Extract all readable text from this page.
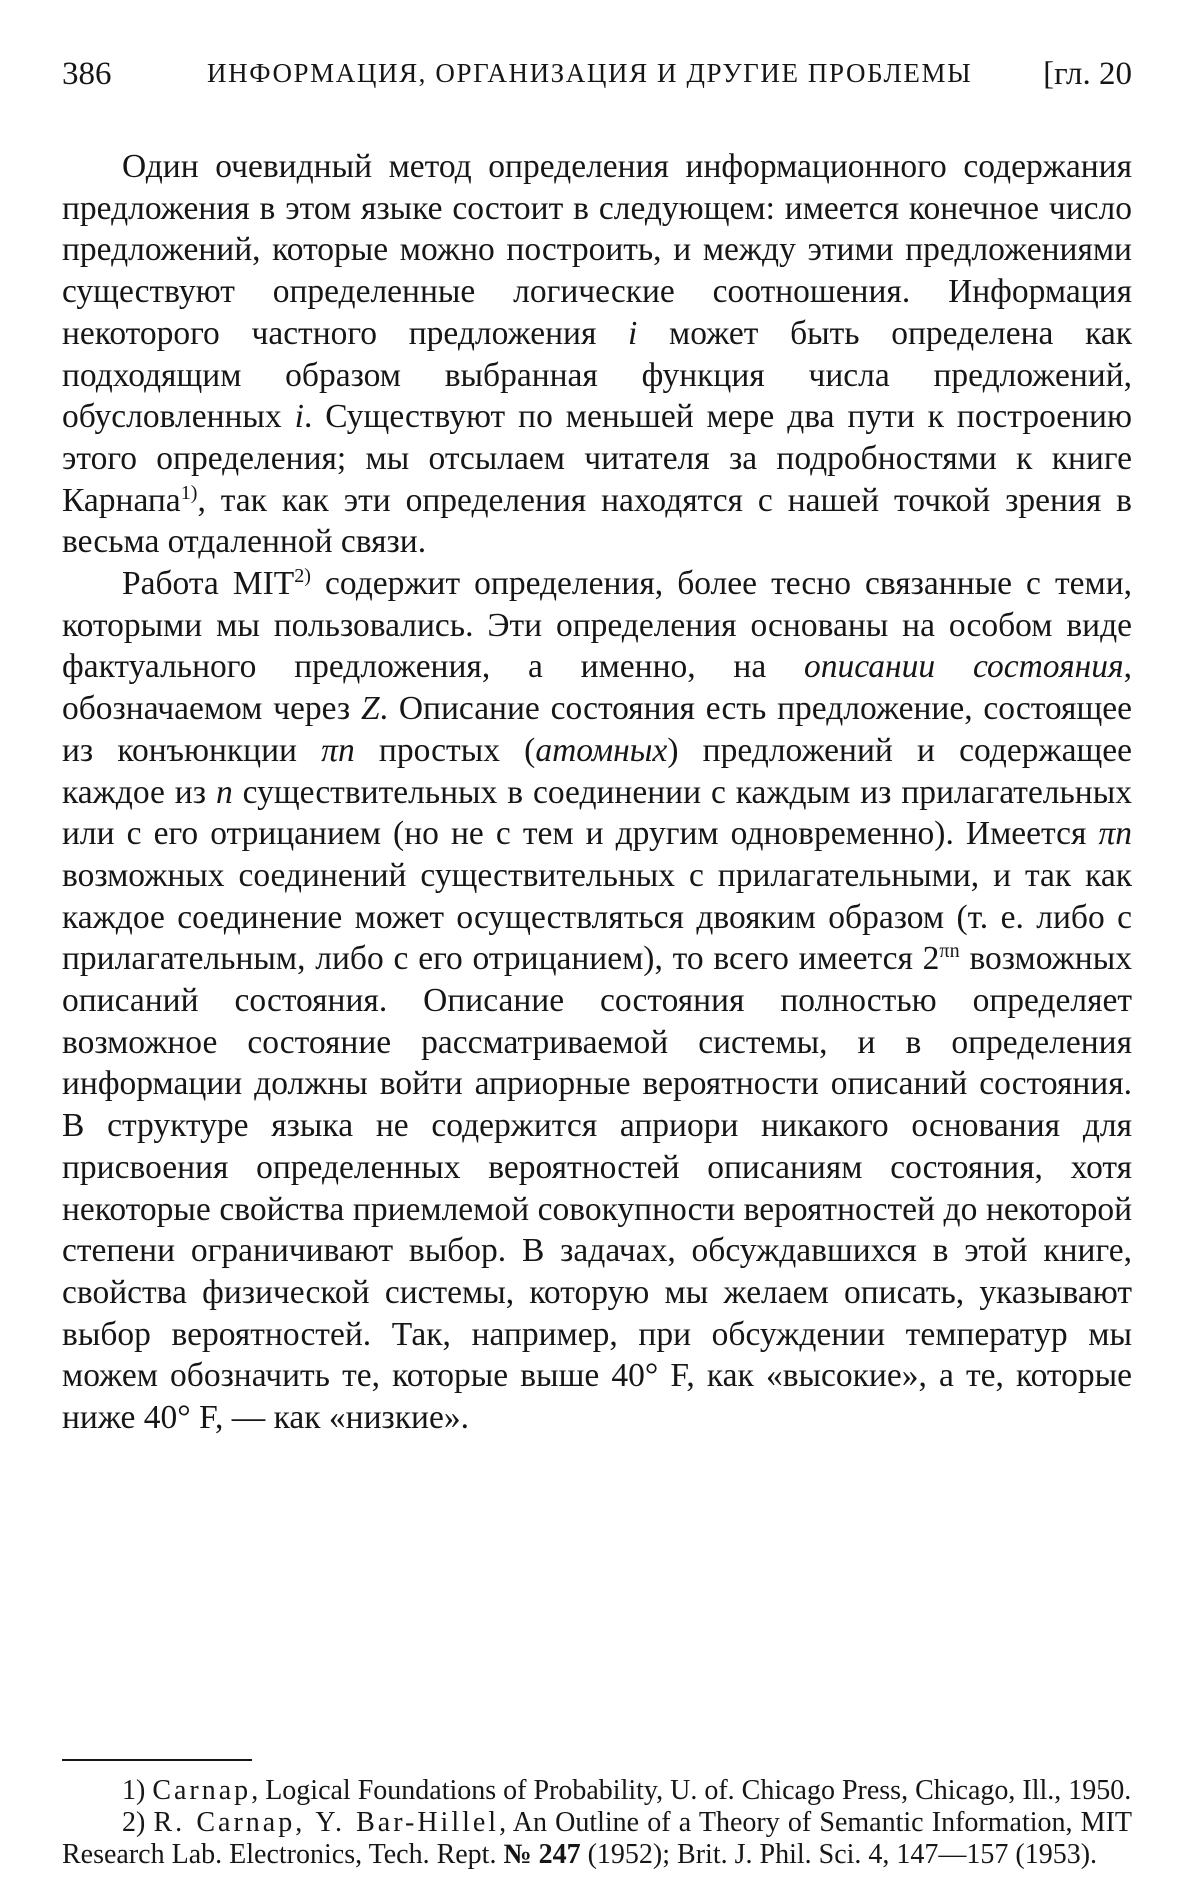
386	ИНФОРМАЦИЯ, ОРГАНИЗАЦИЯ И ДРУГИЕ ПРОБЛЕМЫ [гл. 20

Один очевидный метод определения информационного содержания предложения в этом языке состоит в следующем: имеется конечное число предложений, которые можно построить, и между этими предложениями существуют определенные логические соотношения. Информация некоторого частного предложения i может быть определена как подходящим образом выбранная функция числа предложений, обусловленных i. Существуют по меньшей мере два пути к построению этого определения; мы отсылаем читателя за подробностями к книге Карнапа$^{1)}$, так как эти определения находятся с нашей точкой зрения в весьма отдаленной связи.

Работа MIT$^{2)}$ содержит определения, более тесно связанные с теми, которыми мы пользовались. Эти определения основаны на особом виде фактуального предложения, а именно, на описании состояния, обозначаемом через Z. Описание состояния есть предложение, состоящее из конъюнкции πn простых (атомных) предложений и содержащее каждое из n существительных в соединении с каждым из прилагательных или с его отрицанием (но не с тем и другим одновременно). Имеется πn возможных соединений существительных с прилагательными, и так как каждое соединение может осуществляться двояким образом (т. е. либо с прилагательным, либо с его отрицанием), то всего имеется $2^{\pi n}$ возможных описаний состояния. Описание состояния полностью определяет возможное состояние рассматриваемой системы, и в определения информации должны войти априорные вероятности описаний состояния. В структуре языка не содержится априори никакого основания для присвоения определенных вероятностей описаниям состояния, хотя некоторые свойства приемлемой совокупности вероятностей до некоторой степени ограничивают выбор. В задачах, обсуждавшихся в этой книге, свойства физической системы, которую мы желаем описать, указывают выбор вероятностей. Так, например, при обсуждении температур мы можем обозначить те, которые выше 40° F, как «высокие», а те, которые ниже 40° F, — как «низкие».

1) Carnap, Logical Foundations of Probability, U. of. Chicago Press, Chicago, Ill., 1950.

2) R. Carnap, Y. Bar-Hillel, An Outline of a Theory of Semantic Information, MIT Research Lab. Electronics, Tech. Rept. № 247 (1952); Brit. J. Phil. Sci. 4, 147—157 (1953).
